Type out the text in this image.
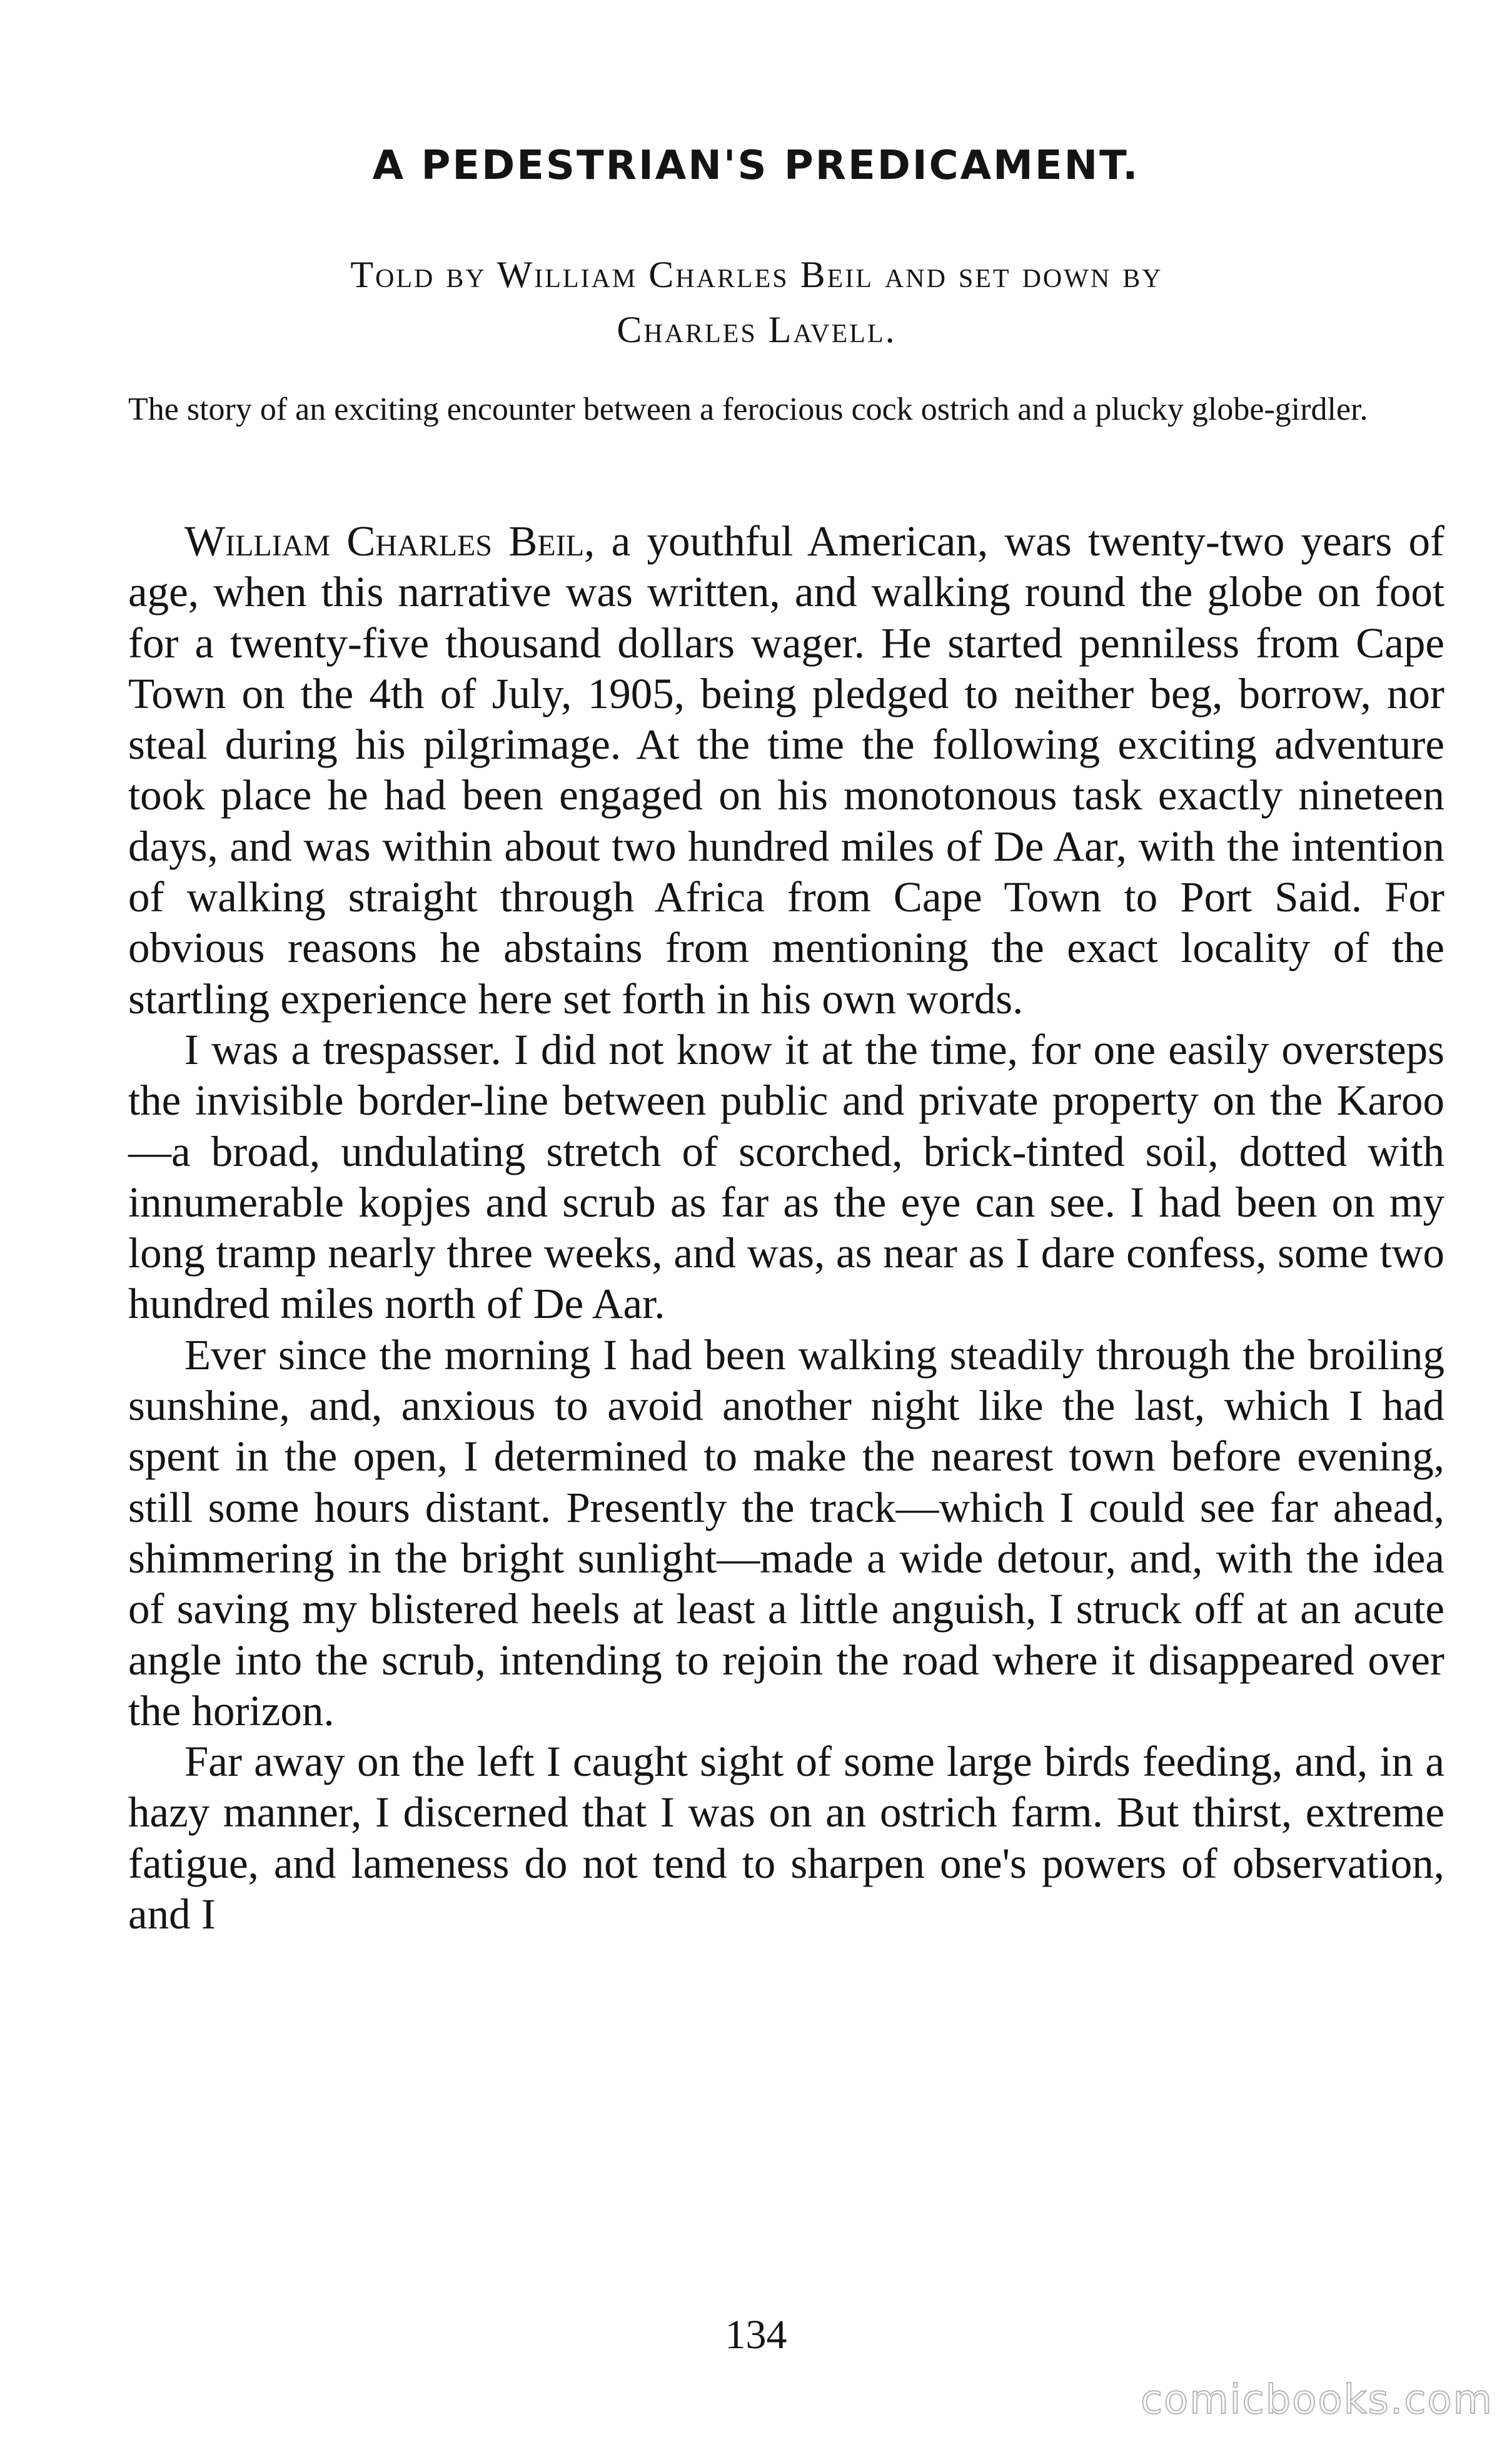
A PEDESTRIAN'S PREDICAMENT.
Told by William Charles Beil and set down by
Charles Lavell.

The story of an exciting encounter between a ferocious cock ostrich and a plucky globe-girdler.

William Charles Beil, a youthful American, was twenty-two years of age, when this narrative was written, and walking round the globe on foot for a twenty-five thousand dollars wager. He started penniless from Cape Town on the 4th of July, 1905, being pledged to neither beg, borrow, nor steal during his pilgrimage. At the time the following exciting adventure took place he had been engaged on his monotonous task exactly nineteen days, and was within about two hundred miles of De Aar, with the intention of walking straight through Africa from Cape Town to Port Said. For obvious reasons he abstains from mentioning the exact locality of the startling experience here set forth in his own words.

I was a trespasser. I did not know it at the time, for one easily oversteps the invisible border-line between public and private property on the Karoo—a broad, undulating stretch of scorched, brick-tinted soil, dotted with innumerable kopjes and scrub as far as the eye can see. I had been on my long tramp nearly three weeks, and was, as near as I dare confess, some two hundred miles north of De Aar.

Ever since the morning I had been walking steadily through the broiling sunshine, and, anxious to avoid another night like the last, which I had spent in the open, I determined to make the nearest town before evening, still some hours distant. Presently the track—which I could see far ahead, shimmering in the bright sunlight—made a wide detour, and, with the idea of saving my blistered heels at least a little anguish, I struck off at an acute angle into the scrub, intending to rejoin the road where it disappeared over the horizon.

Far away on the left I caught sight of some large birds feeding, and, in a hazy manner, I discerned that I was on an ostrich farm. But thirst, extreme fatigue, and lameness do not tend to sharpen one's powers of observation, and I

134
comicbooks.com
